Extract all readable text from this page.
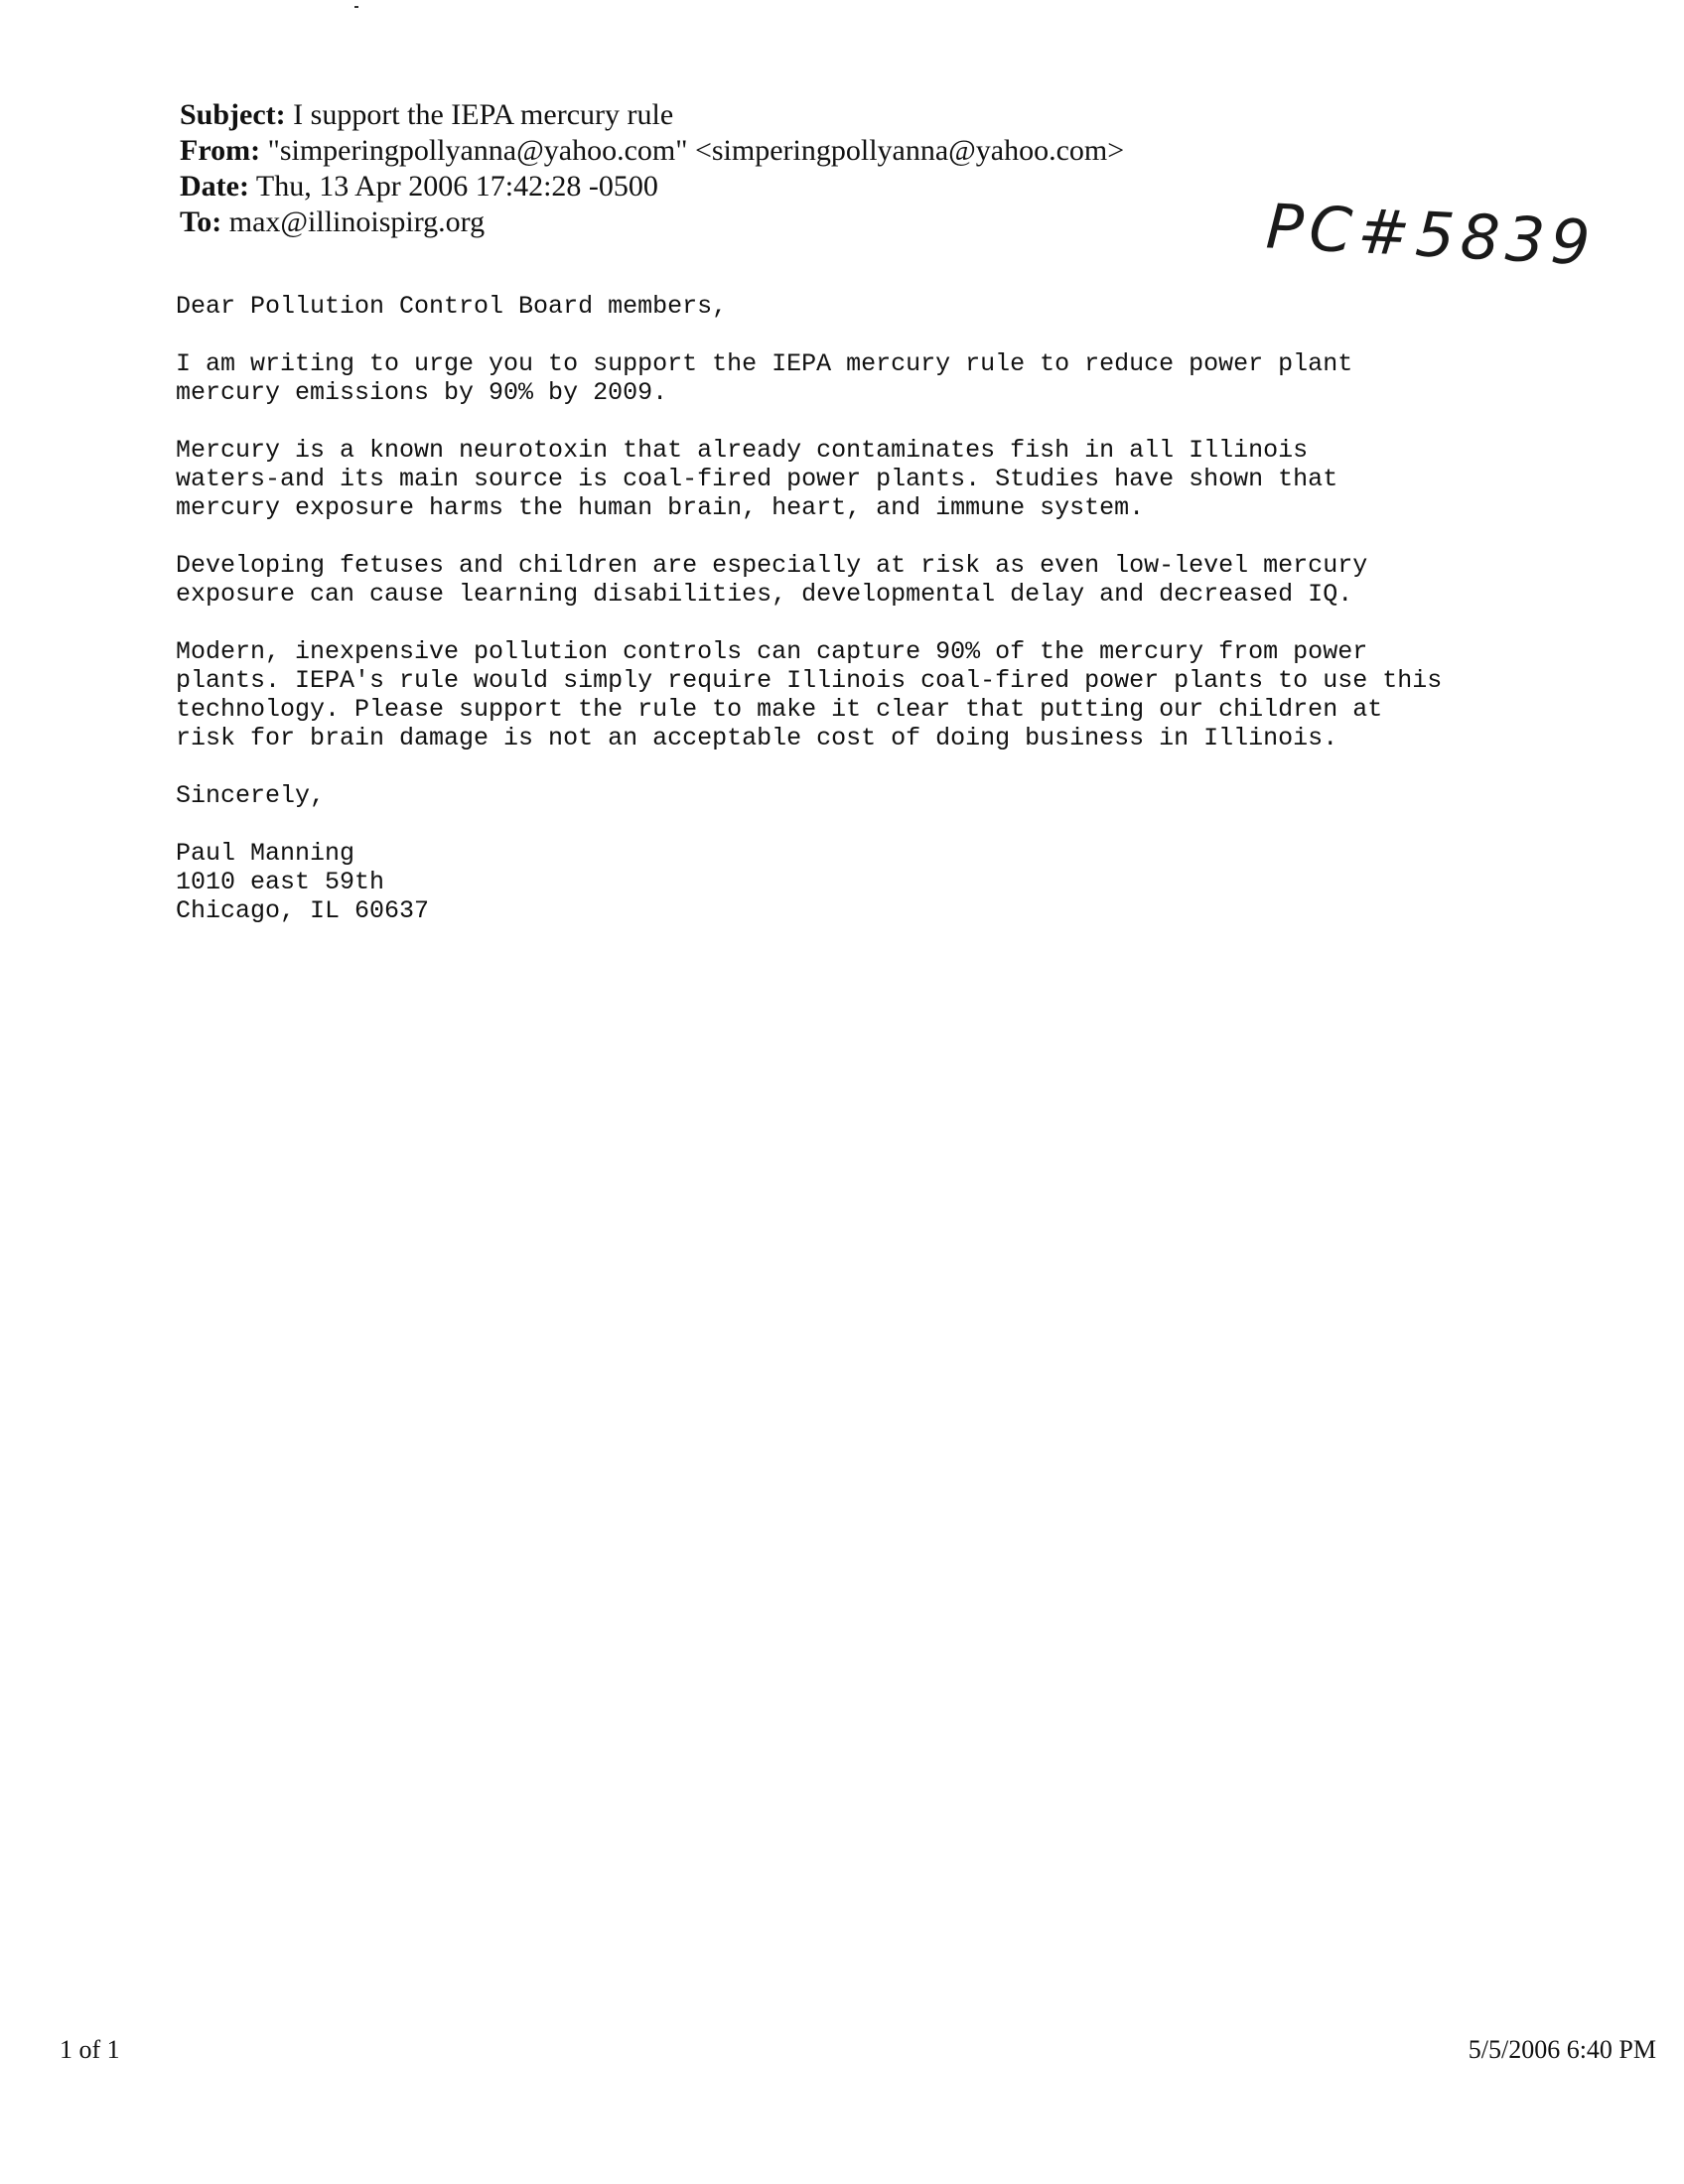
Subject: I support the IEPA mercury rule
From: "simperingpollyanna@yahoo.com" <simperingpollyanna@yahoo.com>
Date: Thu, 13 Apr 2006 17:42:28 -0500
To: max@illinoispirg.org	PC#5839

Dear Pollution Control Board members,

I am writing to urge you to support the IEPA mercury rule to reduce power plant
mercury emissions by 90% by 2009.

Mercury is a known neurotoxin that already contaminates fish in all Illinois
waters-and its main source is coal-fired power plants. Studies have shown that
mercury exposure harms the human brain, heart, and immune system.

Developing fetuses and children are especially at risk as even low-level mercury
exposure can cause learning disabilities, developmental delay and decreased IQ.

Modern, inexpensive pollution controls can capture 90% of the mercury from power
plants. IEPA's rule would simply require Illinois coal-fired power plants to use this
technology. Please support the rule to make it clear that putting our children at
risk for brain damage is not an acceptable cost of doing business in Illinois.

Sincerely,

Paul Manning
1010 east 59th
Chicago, IL 60637
1 of 1	5/5/2006 6:40 PM
